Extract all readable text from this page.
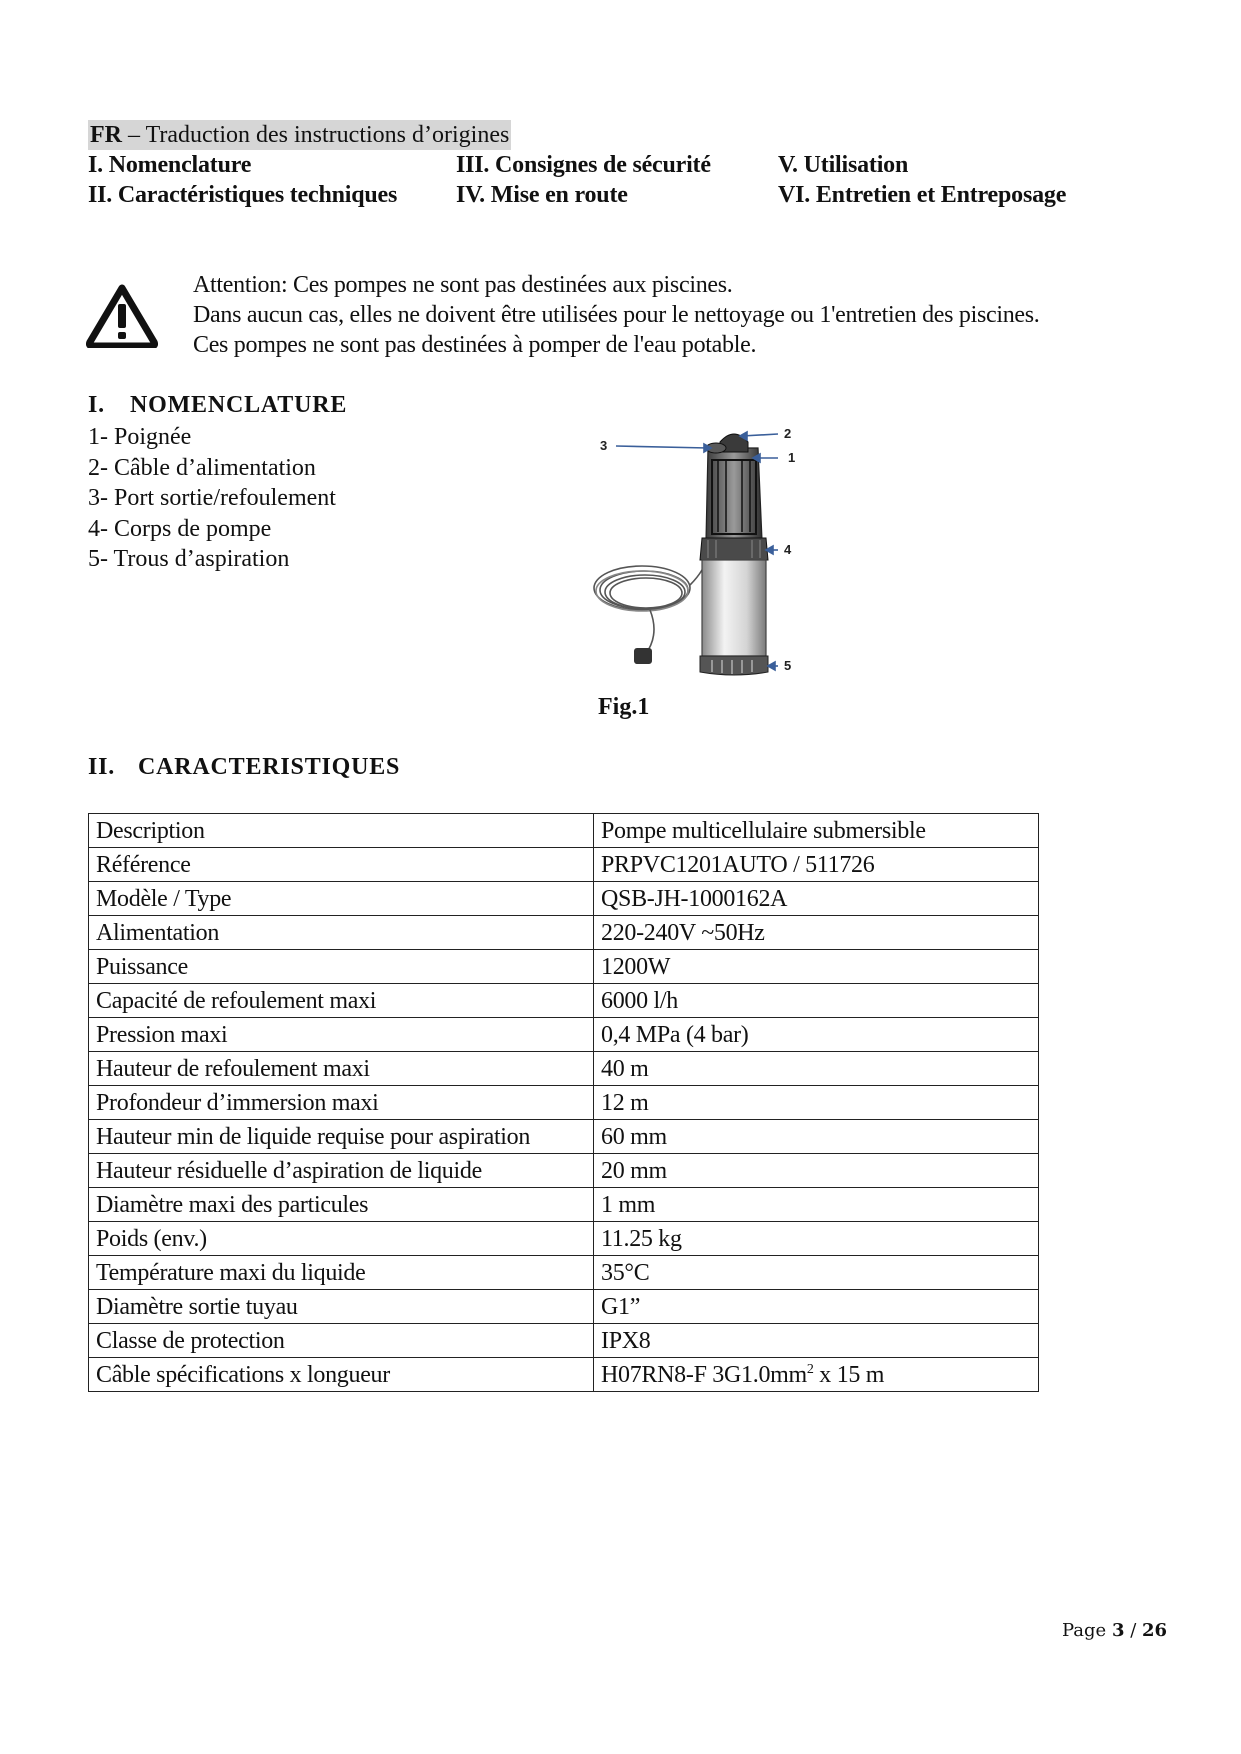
FR – Traduction des instructions d’origines
I. Nomenclature	III. Consignes de sécurité	V. Utilisation
II. Caractéristiques techniques IV. Mise en route	VI. Entretien et Entreposage
Attention: Ces pompes ne sont pas destinées aux piscines.
Dans aucun cas, elles ne doivent être utilisées pour le nettoyage ou 1'entretien des piscines.
Ces pompes ne sont pas destinées à pomper de l'eau potable.
I. NOMENCLATURE
1- Poignée
2- Câble d’alimentation
3- Port sortie/refoulement
4- Corps de pompe
5- Trous d’aspiration
1
2
3
4
5
Fig.1
II. CARACTERISTIQUES
Description	Pompe multicellulaire submersible
Référence	PRPVC1201AUTO / 511726
Modèle / Type	QSB-JH-1000162A
Alimentation	220-240V ~50Hz
Puissance	1200W
Capacité de refoulement maxi	6000 l/h
Pression maxi	0,4 MPa (4 bar)
Hauteur de refoulement maxi	40 m
Profondeur d’immersion maxi	12 m
Hauteur min de liquide requise pour aspiration	60 mm
Hauteur résiduelle d’aspiration de liquide	20 mm
Diamètre maxi des particules	1 mm
Poids (env.)	11.25 kg
Température maxi du liquide	35°C
Diamètre sortie tuyau	G1”
Classe de protection	IPX8
Câble spécifications x longueur	H07RN8-F $3G1.0mm^2$ x 15 m
Page 3 / 26
